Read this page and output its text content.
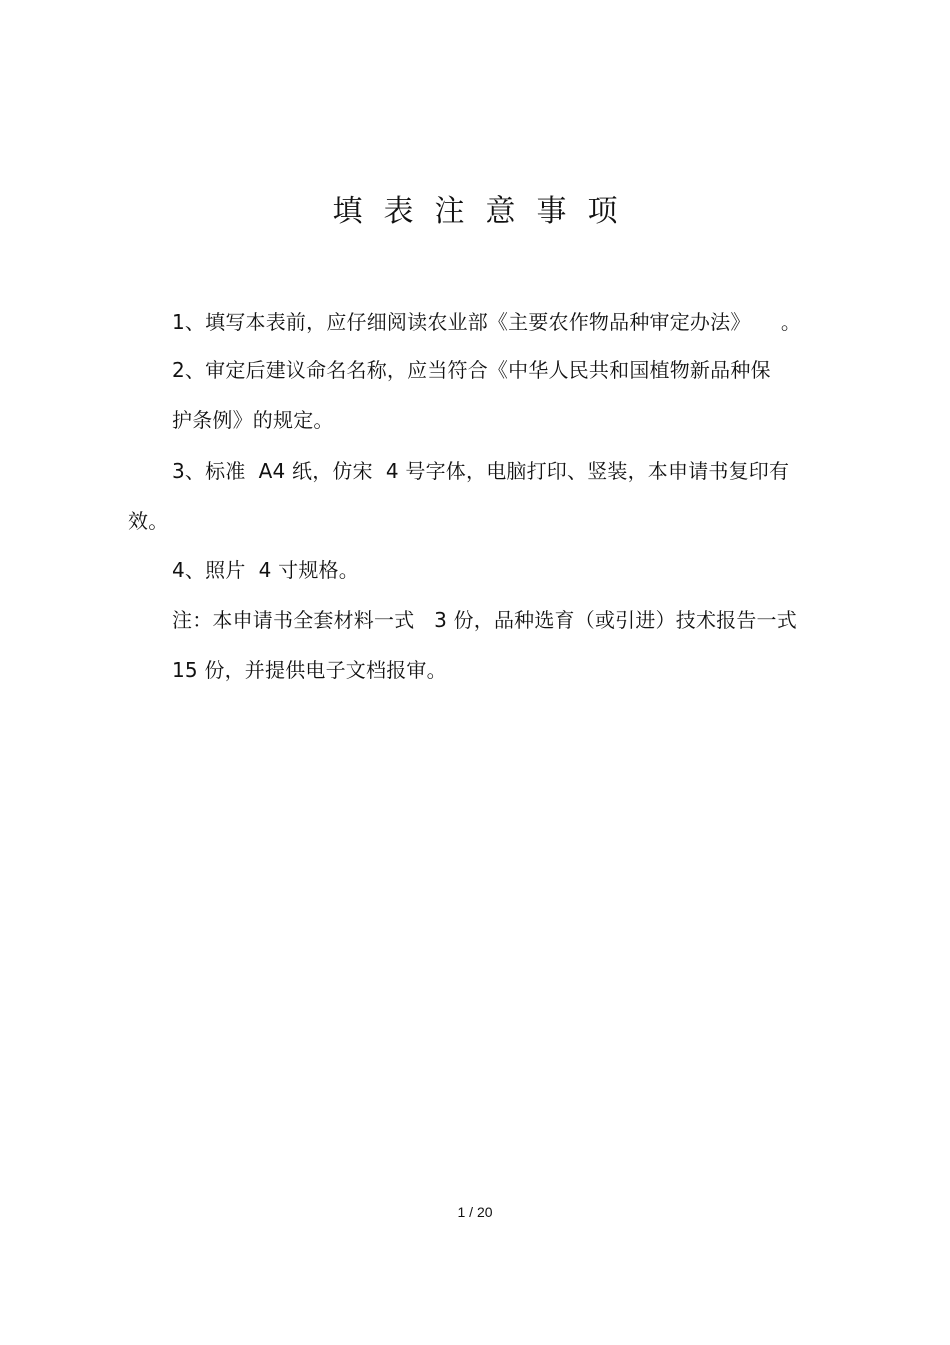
填表注意事项
1、填写本表前，应仔细阅读农业部《主要农作物品种审定办法》　　。
2、审定后建议命名名称，应当符合《中华人民共和国植物新品种保
护条例》的规定。
3、标准  A4 纸，仿宋  4 号字体，电脑打印、竖装，本申请书复印有
效。
4、照片  4 寸规格。
注：本申请书全套材料一式   3 份，品种选育（或引进）技术报告一式
15 份，并提供电子文档报审。
1 / 20
